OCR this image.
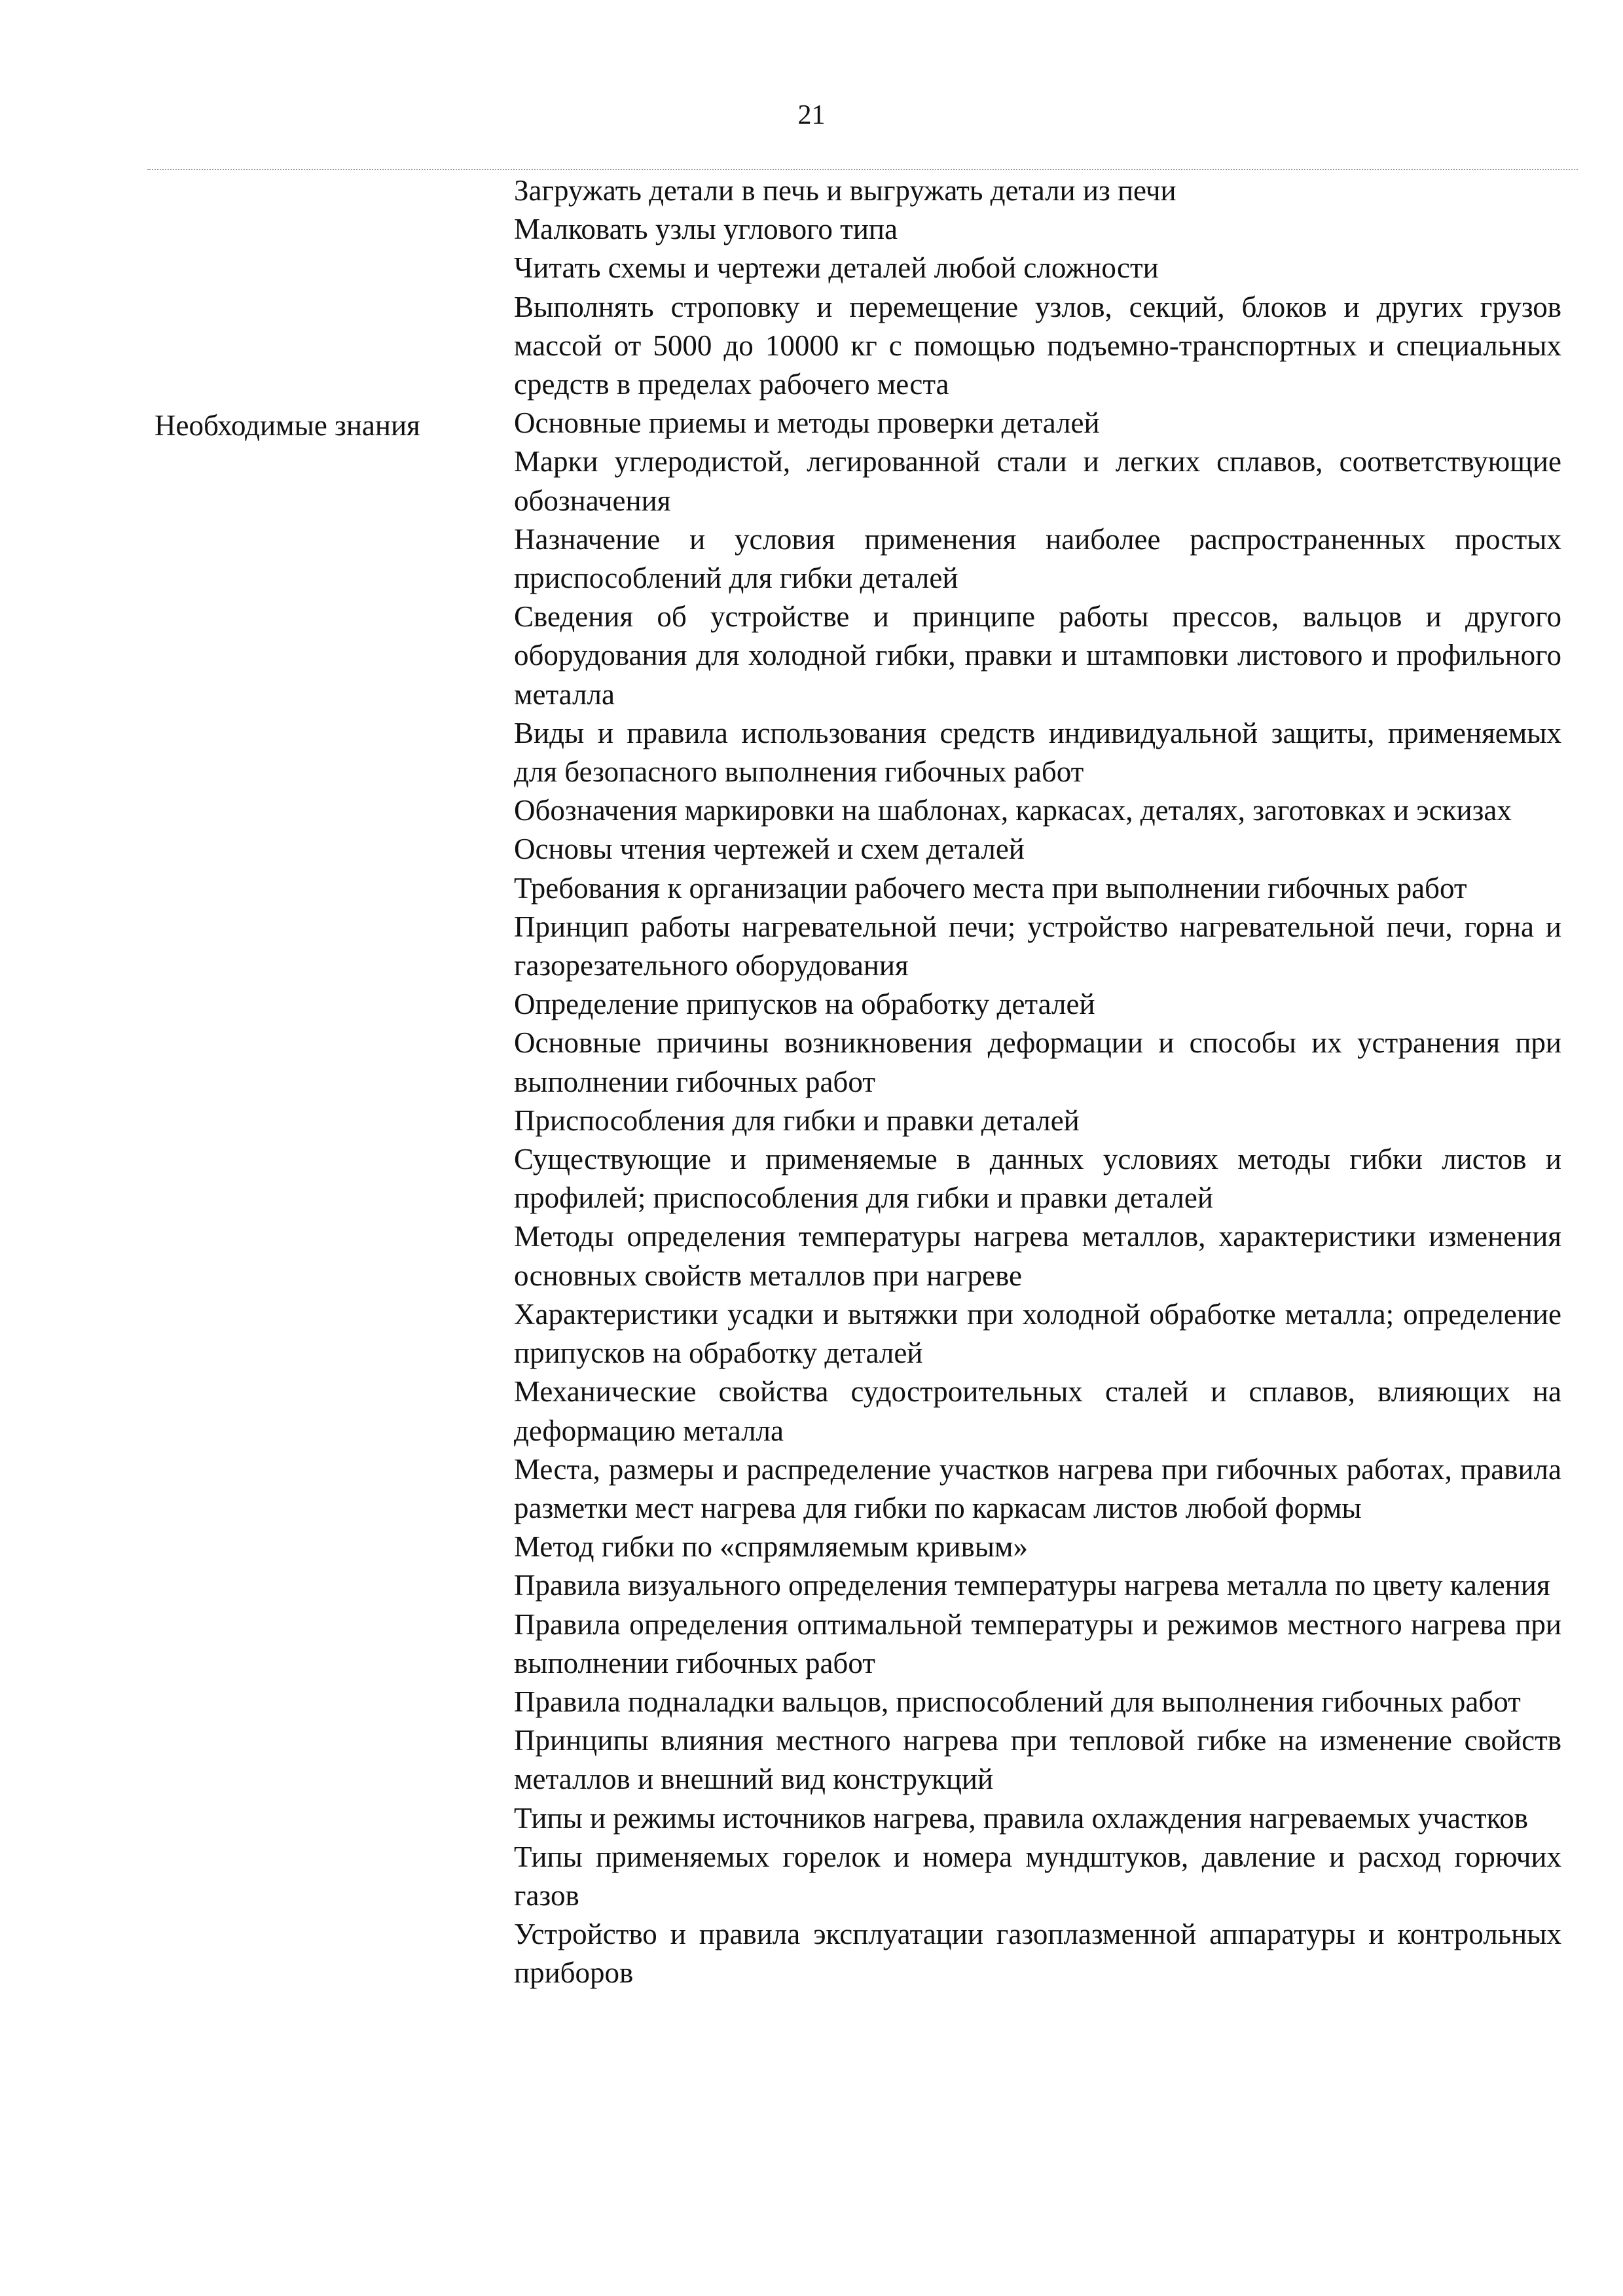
21
Необходимые знания

Загружать детали в печь и выгружать детали из печи

Малковать узлы углового типа

Читать схемы и чертежи деталей любой сложности

Выполнять строповку и перемещение узлов, секций, блоков и других грузов массой от 5000 до 10000 кг с помощью подъемно-транспортных и специальных средств в пределах рабочего места

Основные приемы и методы проверки деталей

Марки углеродистой, легированной стали и легких сплавов, соответствующие обозначения

Назначение и условия применения наиболее распространенных простых приспособлений для гибки деталей

Сведения об устройстве и принципе работы прессов, вальцов и другого оборудования для холодной гибки, правки и штамповки листового и профильного металла

Виды и правила использования средств индивидуальной защиты, применяемых для безопасного выполнения гибочных работ

Обозначения маркировки на шаблонах, каркасах, деталях, заготовках и эскизах

Основы чтения чертежей и схем деталей

Требования к организации рабочего места при выполнении гибочных работ

Принцип работы нагревательной печи; устройство нагревательной печи, горна и газорезательного оборудования

Определение припусков на обработку деталей

Основные причины возникновения деформации и способы их устранения при выполнении гибочных работ

Приспособления для гибки и правки деталей

Существующие и применяемые в данных условиях методы гибки листов и профилей; приспособления для гибки и правки деталей

Методы определения температуры нагрева металлов, характеристики изменения основных свойств металлов при нагреве

Характеристики усадки и вытяжки при холодной обработке металла; определение припусков на обработку деталей

Механические свойства судостроительных сталей и сплавов, влияющих на деформацию металла

Места, размеры и распределение участков нагрева при гибочных работах, правила разметки мест нагрева для гибки по каркасам листов любой формы

Метод гибки по «спрямляемым кривым»

Правила визуального определения температуры нагрева металла по цвету каления

Правила определения оптимальной температуры и режимов местного нагрева при выполнении гибочных работ

Правила подналадки вальцов, приспособлений для выполнения гибочных работ

Принципы влияния местного нагрева при тепловой гибке на изменение свойств металлов и внешний вид конструкций

Типы и режимы источников нагрева, правила охлаждения нагреваемых участков

Типы применяемых горелок и номера мундштуков, давление и расход горючих газов

Устройство и правила эксплуатации газоплазменной аппаратуры и контрольных приборов
